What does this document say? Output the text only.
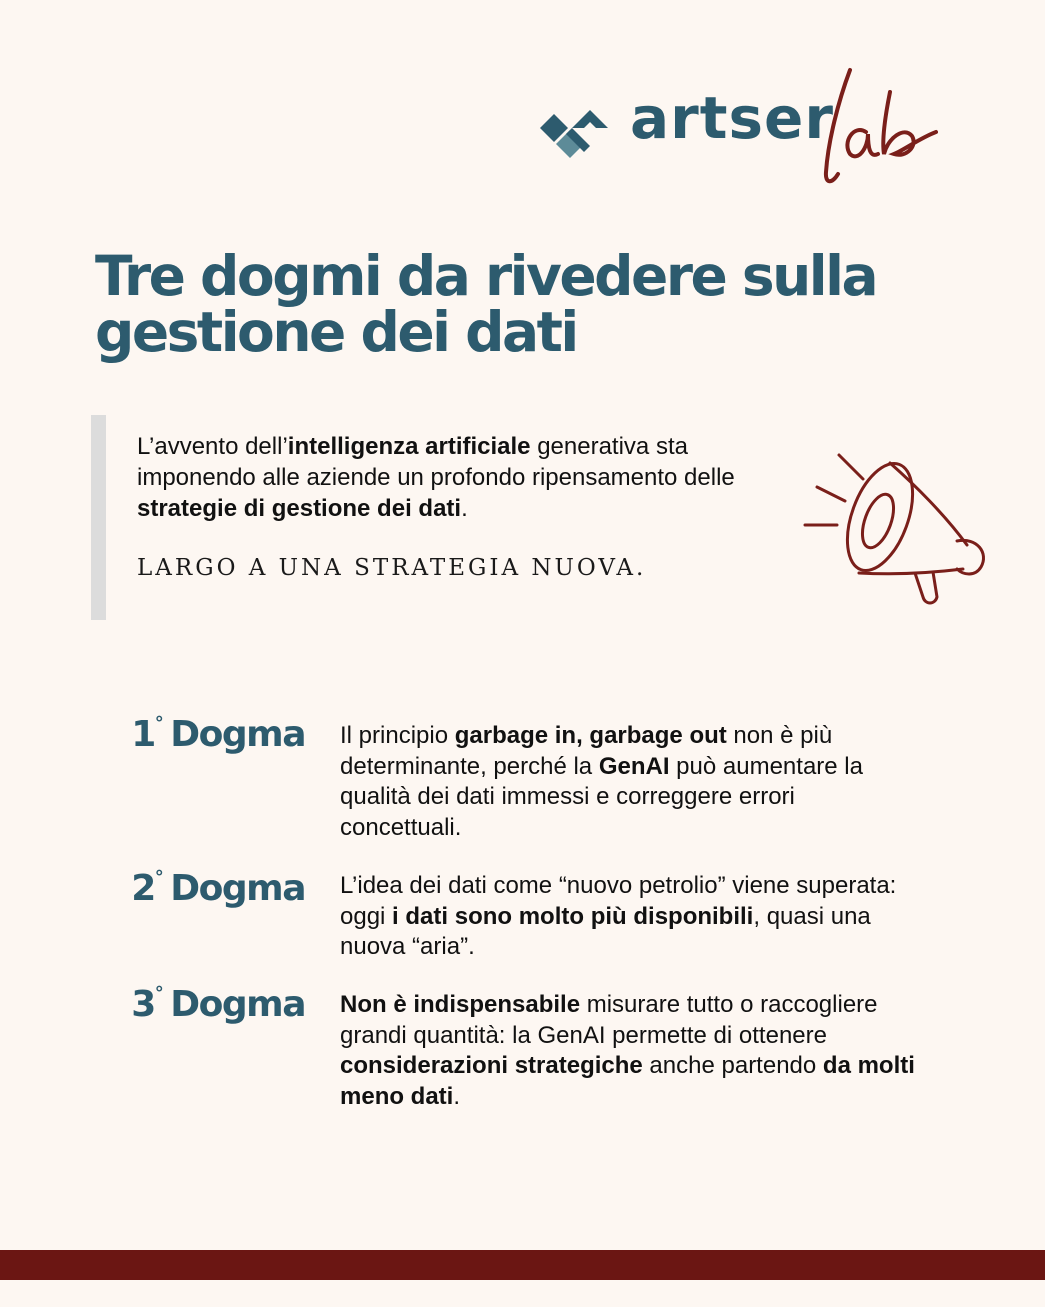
artser
Tre dogmi da rivedere sulla
gestione dei dati

L’avvento dell’intelligenza artificiale generativa sta imponendo alle aziende un profondo ripensamento delle strategie di gestione dei dati.

LARGO A UNA STRATEGIA NUOVA.

1° Dogma Il principio garbage in, garbage out non è più determinante, perché la GenAI può aumentare la qualità dei dati immessi e correggere errori concettuali.

2° Dogma L’idea dei dati come “nuovo petrolio” viene superata: oggi i dati sono molto più disponibili, quasi una nuova “aria”.

3° Dogma Non è indispensabile misurare tutto o raccogliere grandi quantità: la GenAI permette di ottenere considerazioni strategiche anche partendo da molti meno dati.
